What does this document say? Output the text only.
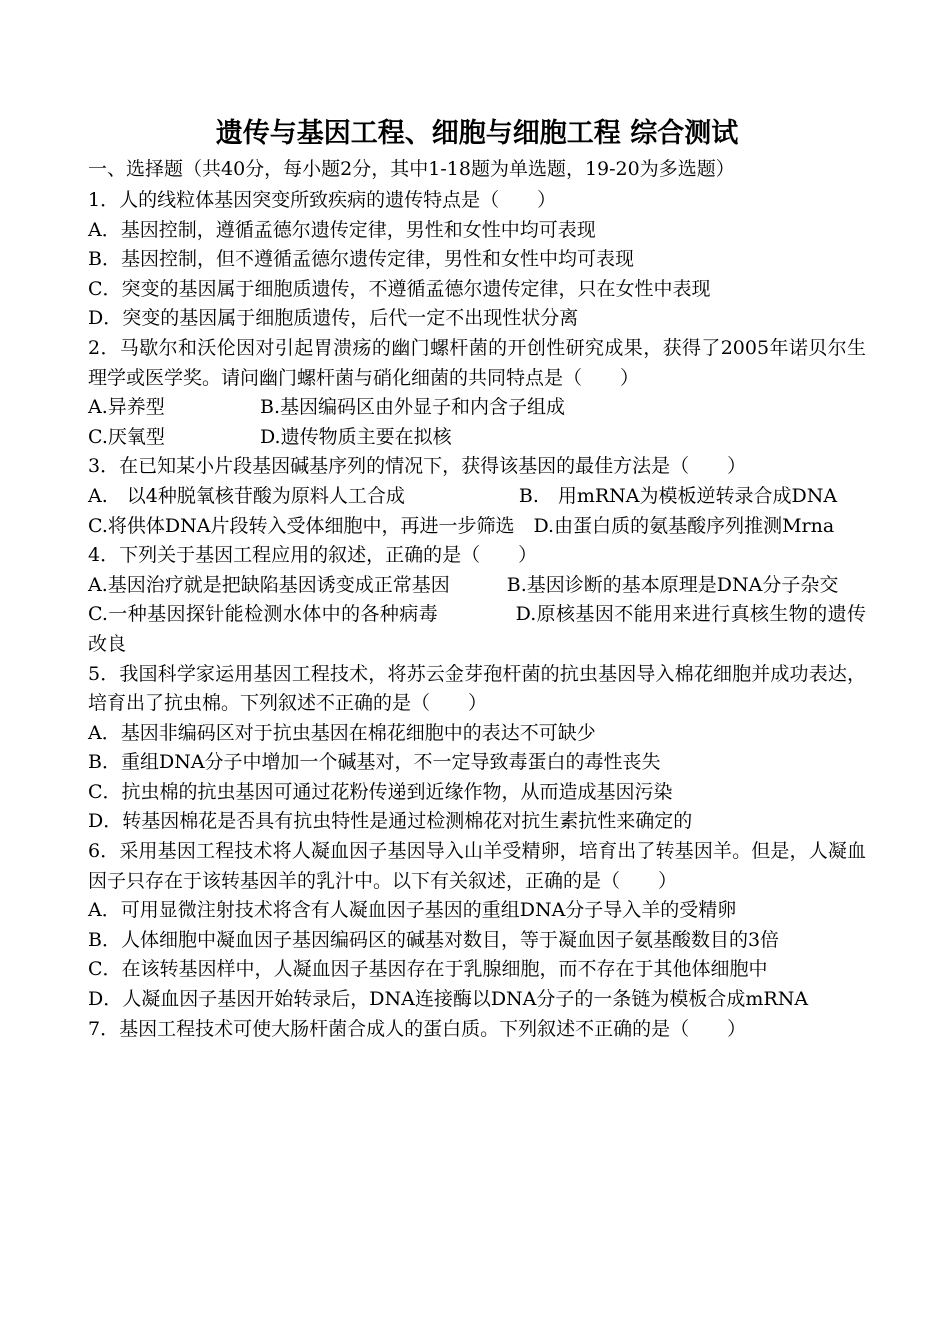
遗传与基因工程、细胞与细胞工程 综合测试

一、选择题（共40分，每小题2分，其中1-18题为单选题，19-20为多选题）

1．人的线粒体基因突变所致疾病的遗传特点是（　　）

A．基因控制，遵循孟德尔遗传定律，男性和女性中均可表现

B．基因控制，但不遵循孟德尔遗传定律，男性和女性中均可表现

C．突变的基因属于细胞质遗传，不遵循孟德尔遗传定律，只在女性中表现

D．突变的基因属于细胞质遗传，后代一定不出现性状分离

2．马歇尔和沃伦因对引起胃溃疡的幽门螺杆菌的开创性研究成果，获得了2005年诺贝尔生理学或医学奖。请问幽门螺杆菌与硝化细菌的共同特点是（　　）

A.异养型	B.基因编码区由外显子和内含子组成
C.厌氧型	D.遗传物质主要在拟核

3．在已知某小片段基因碱基序列的情况下，获得该基因的最佳方法是（　　）

A.　以4种脱氧核苷酸为原料人工合成　　　　　　B.　用mRNA为模板逆转录合成DNA

C.将供体DNA片段转入受体细胞中，再进一步筛选　D.由蛋白质的氨基酸序列推测Mrna

4．下列关于基因工程应用的叙述，正确的是（　　）

A.基因治疗就是把缺陷基因诱变成正常基因　　　B.基因诊断的基本原理是DNA分子杂交

C.一种基因探针能检测水体中的各种病毒　　　　D.原核基因不能用来进行真核生物的遗传改良

5．我国科学家运用基因工程技术，将苏云金芽孢杆菌的抗虫基因导入棉花细胞并成功表达，培育出了抗虫棉。下列叙述不正确的是（　　）

A．基因非编码区对于抗虫基因在棉花细胞中的表达不可缺少

B．重组DNA分子中增加一个碱基对，不一定导致毒蛋白的毒性丧失

C．抗虫棉的抗虫基因可通过花粉传递到近缘作物，从而造成基因污染

D．转基因棉花是否具有抗虫特性是通过检测棉花对抗生素抗性来确定的

6．采用基因工程技术将人凝血因子基因导入山羊受精卵，培育出了转基因羊。但是，人凝血因子只存在于该转基因羊的乳汁中。以下有关叙述，正确的是（　　）

A．可用显微注射技术将含有人凝血因子基因的重组DNA分子导入羊的受精卵

B．人体细胞中凝血因子基因编码区的碱基对数目，等于凝血因子氨基酸数目的3倍

C．在该转基因样中，人凝血因子基因存在于乳腺细胞，而不存在于其他体细胞中

D．人凝血因子基因开始转录后，DNA连接酶以DNA分子的一条链为模板合成mRNA

7．基因工程技术可使大肠杆菌合成人的蛋白质。下列叙述不正确的是（　　）
